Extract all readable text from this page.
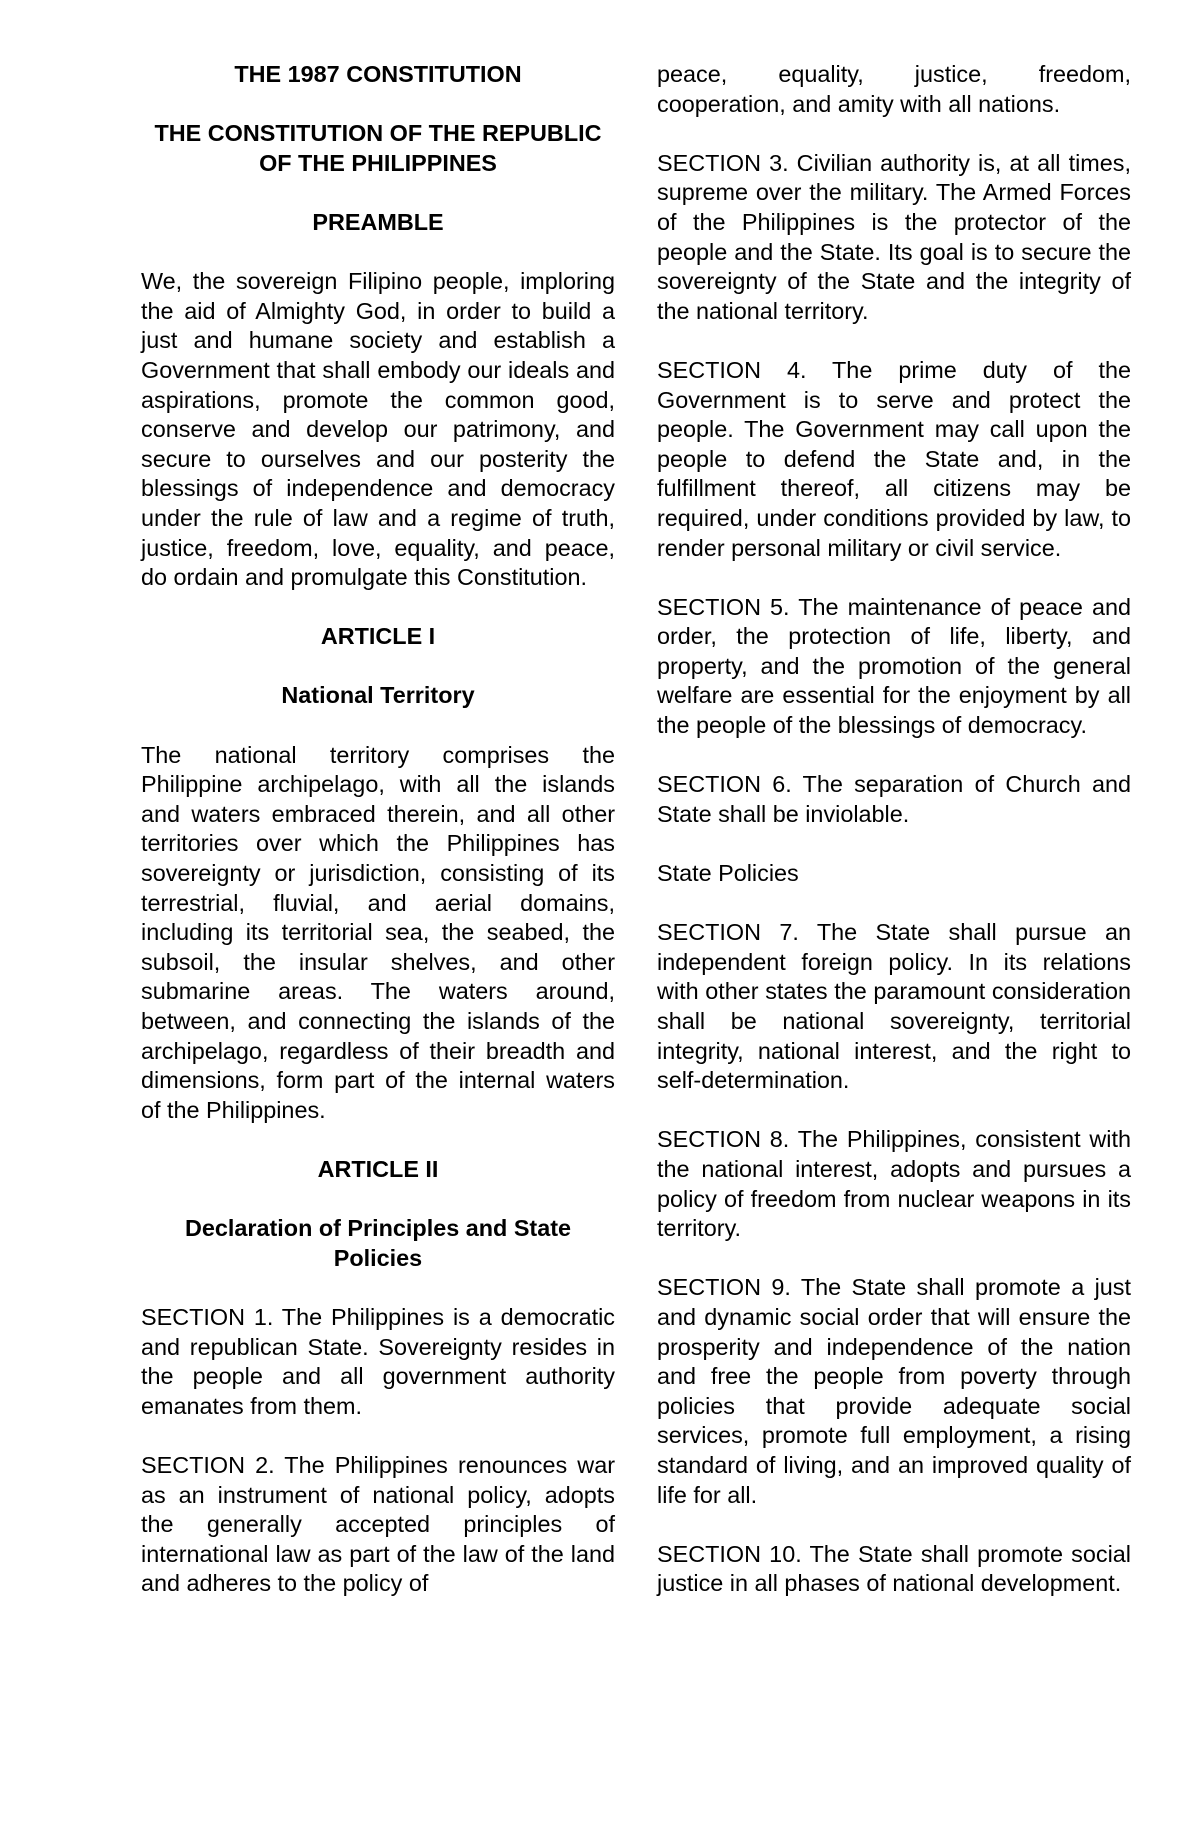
THE 1987 CONSTITUTION
THE CONSTITUTION OF THE REPUBLIC OF THE PHILIPPINES
PREAMBLE
We, the sovereign Filipino people, imploring the aid of Almighty God, in order to build a just and humane society and establish a Government that shall embody our ideals and aspirations, promote the common good, conserve and develop our patrimony, and secure to ourselves and our posterity the blessings of independence and democracy under the rule of law and a regime of truth, justice, freedom, love, equality, and peace, do ordain and promulgate this Constitution.
ARTICLE I
National Territory
The national territory comprises the Philippine archipelago, with all the islands and waters embraced therein, and all other territories over which the Philippines has sovereignty or jurisdiction, consisting of its terrestrial, fluvial, and aerial domains, including its territorial sea, the seabed, the subsoil, the insular shelves, and other submarine areas. The waters around, between, and connecting the islands of the archipelago, regardless of their breadth and dimensions, form part of the internal waters of the Philippines.
ARTICLE II
Declaration of Principles and State Policies
SECTION 1. The Philippines is a democratic and republican State. Sovereignty resides in the people and all government authority emanates from them.
SECTION 2. The Philippines renounces war as an instrument of national policy, adopts the generally accepted principles of international law as part of the law of the land and adheres to the policy of
peace, equality, justice, freedom, cooperation, and amity with all nations.
SECTION 3. Civilian authority is, at all times, supreme over the military. The Armed Forces of the Philippines is the protector of the people and the State. Its goal is to secure the sovereignty of the State and the integrity of the national territory.
SECTION 4. The prime duty of the Government is to serve and protect the people. The Government may call upon the people to defend the State and, in the fulfillment thereof, all citizens may be required, under conditions provided by law, to render personal military or civil service.
SECTION 5. The maintenance of peace and order, the protection of life, liberty, and property, and the promotion of the general welfare are essential for the enjoyment by all the people of the blessings of democracy.
SECTION 6. The separation of Church and State shall be inviolable.
State Policies
SECTION 7. The State shall pursue an independent foreign policy. In its relations with other states the paramount consideration shall be national sovereignty, territorial integrity, national interest, and the right to self-determination.
SECTION 8. The Philippines, consistent with the national interest, adopts and pursues a policy of freedom from nuclear weapons in its territory.
SECTION 9. The State shall promote a just and dynamic social order that will ensure the prosperity and independence of the nation and free the people from poverty through policies that provide adequate social services, promote full employment, a rising standard of living, and an improved quality of life for all.
SECTION 10. The State shall promote social justice in all phases of national development.
